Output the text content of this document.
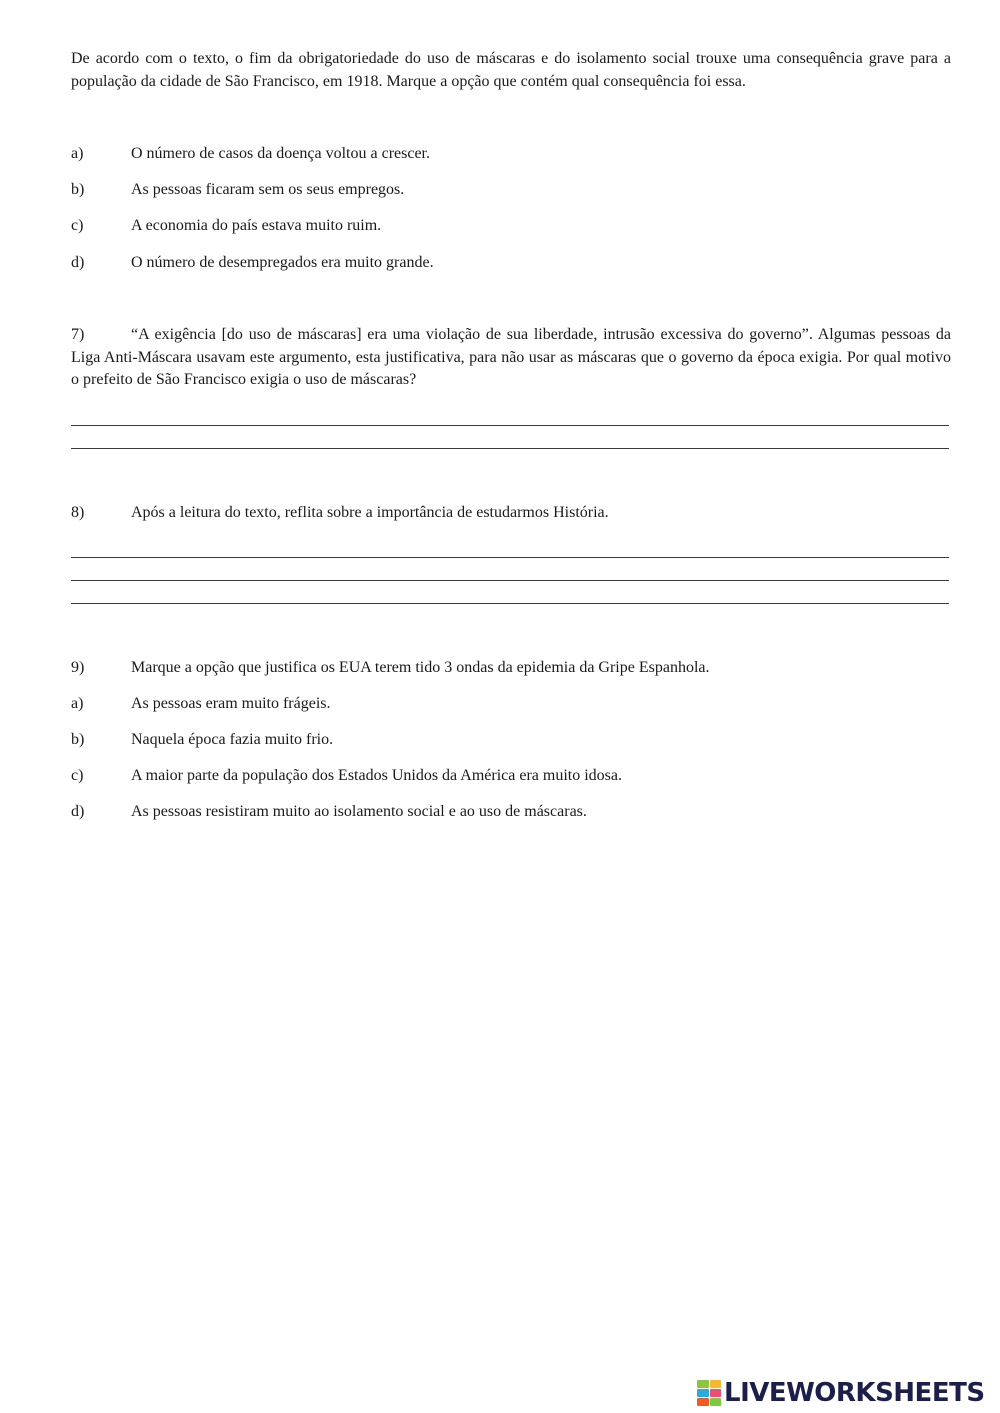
De acordo com o texto, o fim da obrigatoriedade do uso de máscaras e do isolamento social trouxe uma consequência grave para a população da cidade de São Francisco, em 1918. Marque a opção que contém qual consequência foi essa.

a)	O número de casos da doença voltou a crescer.
b)	As pessoas ficaram sem os seus empregos.
c)	A economia do país estava muito ruim.
d)	O número de desempregados era muito grande.

7)	“A exigência [do uso de máscaras] era uma violação de sua liberdade, intrusão excessiva do governo”. Algumas pessoas da Liga Anti-Máscara usavam este argumento, esta justificativa, para não usar as máscaras que o governo da época exigia. Por qual motivo o prefeito de São Francisco exigia o uso de máscaras?

8)	Após a leitura do texto, reflita sobre a importância de estudarmos História.
9)	Marque a opção que justifica os EUA terem tido 3 ondas da epidemia da Gripe Espanhola.
a)	As pessoas eram muito frágeis.
b)	Naquela época fazia muito frio.
c)	A maior parte da população dos Estados Unidos da América era muito idosa.
d)	As pessoas resistiram muito ao isolamento social e ao uso de máscaras.
LIVEWORKSHEETS
